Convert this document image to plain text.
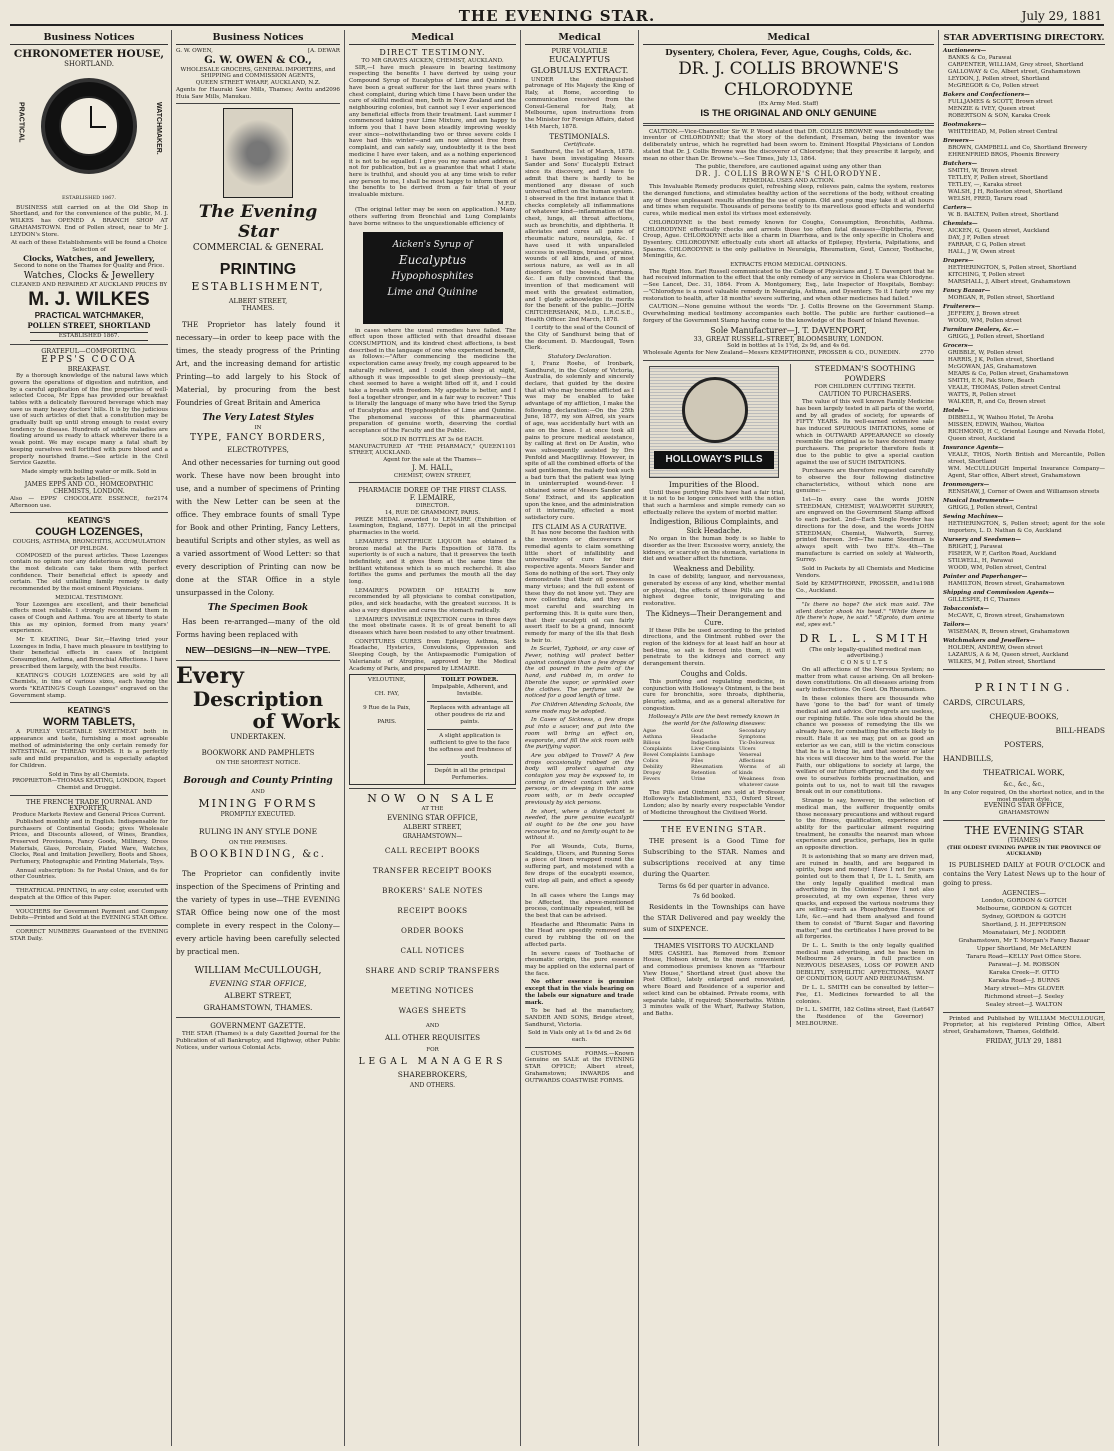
THE EVENING STAR.	July 29, 1881
Business Notices
CHRONOMETER HOUSE,
SHORTLAND.
PRACTICAL	WATCHMAKER.
ESTABLISHED 1867.
BUSINESS still carried on at the Old Shop in Shortland, and for the convenience of the public, M. J. WILKES has OPENED A BRANCH SHOP AT GRAHAMSTOWN. End of Pollen street, near to Mr J. LEYDON's Store.
At each of these Establishments will be found a Choice Selection of
Clocks, Watches, and Jewellery,
Second to none on the Thames for Quality and Price.
Watches, Clocks & Jewellery
CLEANED AND REPAIRED AT AUCKLAND PRICES BY
M. J. WILKES
PRACTICAL WATCHMAKER,
POLLEN STREET, SHORTLAND
ESTABLISHED 1867.
GRATEFUL—COMFORTING.
EPPS'S COCOA
BREAKFAST.
By a thorough knowledge of the natural laws which govern the operations of digestion and nutrition, and by a careful application of the fine properties of well-selected Cocoa, Mr Epps has provided our breakfast tables with a delicately flavoured beverage which may save us many heavy doctors' bills. It is by the judicious use of such articles of diet that a constitution may be gradually built up until strong enough to resist every tendency to disease. Hundreds of subtle maladies are floating around us ready to attack wherever there is a weak point. We may escape many a fatal shaft by keeping ourselves well fortified with pure blood and a properly nourished frame.—See article in the Civil Service Gazette.
Made simply with boiling water or milk. Sold in packets labelled—
JAMES EPPS AND CO., HOMŒOPATHIC CHEMISTS, LONDON.
Also — EPPS' CHOCOLATE ESSENCE, for Afternoon use.
2174
KEATING'S
COUGH LOZENGES,
COUGHS, ASTHMA, BRONCHITIS, ACCUMULATION OF PHLEGM.
COMPOSED of the purest articles. These Lozenges contain no opium nor any deleterious drug, therefore the most delicate can take them with perfect confidence. Their beneficial effect is speedy and certain. The old unfailing family remedy is daily recommended by the most eminent Physicians.
MEDICAL TESTIMONY.
Your Lozenges are excellent, and their beneficial effects most reliable. I strongly recommend them in cases of Cough and Asthma. You are at liberty to state this as my opinion, formed from many years' experience.
Mr T. KEATING, Dear Sir,—Having tried your Lozenges in India, I have much pleasure in testifying to their beneficial effects in cases of Incipient Consumption, Asthma, and Bronchial Affections. I have prescribed them largely, with the best results.
KEATING'S COUGH LOZENGES are sold by all Chemists, in tins of various sizes, each having the words "KEATING'S Cough Lozenges" engraved on the Government stamp.
KEATING'S
WORM TABLETS,
A PURELY VEGETABLE SWEETMEAT both in appearance and taste, furnishing a most agreeable method of administering the only certain remedy for INTESTINAL or THREAD WORMS. It is a perfectly safe and mild preparation, and is especially adapted for Children.
Sold in Tins by all Chemists.
PROPRIETOR—THOMAS KEATING, LONDON, Export Chemist and Druggist.
THE FRENCH TRADE JOURNAL AND EXPORTER,
Produce Markets Review and General Prices Current.
Published monthly and in English. Indispensable for purchasers of Continental Goods; gives Wholesale Prices, and Discounts allowed, of Wines, Brandies, Preserved Provisions, Fancy Goods, Millinery, Dress Materials, Glass, Porcelain, Plated Ware, Watches, Clocks, Real and Imitation Jewellery, Boots and Shoes, Perfumery, Photographic and Printing Materials, Toys.
Annual subscription: 5s for Postal Union, and 6s for other Countries.
THEATRICAL PRINTING, in any color, executed with despatch at the Office of this Paper.
VOUCHERS for Government Payment and Company Debits—Printed and Sold at the EVENING STAR Office.
CORRECT NUMBERS Guaranteed of the EVENING STAR Daily.
Business Notices
G. W. OWEN,	[A. DEWAR
G. W. OWEN & CO.,
WHOLESALE GROCERS, GENERAL IMPORTERS, and SHIPPING and COMMISSION AGENTS,
QUEEN STREET WHARF, AUCKLAND, N.Z.
Agents for Hauraki Saw Mills, Thames; Awitu and Huia Saw Mills, Manukau.
2096
The Evening Star
COMMERCIAL & GENERAL
PRINTING
ESTABLISHMENT,
ALBERT STREET,
THAMES.
THE Proprietor has lately found it necessary—in order to keep pace with the times, the steady progress of the Printing Art, and the increasing demand for artistic Printing—to add largely to his Stock of Material, by procuring from the best Foundries of Great Britain and America
The Very Latest Styles
IN
TYPE, FANCY BORDERS,
ELECTROTYPES,
And other necessaries for turning out good work. These have now been brought into use, and a number of specimens of Printing with the New Letter can be seen at the office. They embrace founts of small Type for Book and other Printing, Fancy Letters, beautiful Scripts and other styles, as well as a varied assortment of Wood Letter: so that every description of Printing can now be done at the STAR Office in a style unsurpassed in the Colony.
The Specimen Book
Has been re-arranged—many of the old Forms having been replaced with
NEW—DESIGNS—IN—NEW—TYPE.
Every
Description
of Work
UNDERTAKEN.
BOOKWORK AND PAMPHLETS
ON THE SHORTEST NOTICE.
Borough and County Printing
AND
MINING FORMS
PROMPTLY EXECUTED.
RULING IN ANY STYLE DONE
ON THE PREMISES.
BOOKBINDING, &c.
The Proprietor can confidently invite inspection of the Specimens of Printing and the variety of types in use—THE EVENING STAR Office being now one of the most complete in every respect in the Colony—every article having been carefully selected by practical men.
WILLIAM McCULLOUGH,
EVENING STAR OFFICE,
ALBERT STREET,
GRAHAMSTOWN, THAMES.
GOVERNMENT GAZETTE.
THE STAR (Thames) is a duly Gazetted Journal for the Publication of all Bankruptcy, and Highway, other Public Notices, under various Colonial Acts.
Medical
DIRECT TESTIMONY.
TO MR GRAVES AICKEN, CHEMIST, AUCKLAND.
SIR,—I have much pleasure in bearing testimony respecting the benefits I have derived by using your Compound Syrup of Eucalyptus of Lime and Quinine. I have been a great sufferer for the last three years with chest complaint, during which time I have been under the care of skilful medical men, both in New Zealand and the neighbouring colonies, but cannot say I ever experienced any beneficial effects from their treatment. Last summer I commenced taking your Lime Mixture, and am happy to inform you that I have been steadily improving weekly ever since—notwithstanding two or three severe colds I have had this winter—and am now almost free from complaint, and can safely say, undoubtedly it is the best medicine I have ever taken, and as a nothing experienced it is not to be equalled. I give you my name and address, not for publication, but as a guarantee that what I state here is truthful, and should you at any time wish to refer any person to me, I shall be most happy to inform them of the benefits to be derived from a fair trial of your invaluable mixture.
M.F.D.
(The original letter may be seen on application.) Many others suffering from Bronchial and Lung Complaints have borne witness to the unquestionable efficiency of
Aicken's Syrup of
Eucalyptus
Hypophosphites
Lime and Quinine
in cases where the usual remedies have failed. The effect upon those afflicted with that dreadful disease CONSUMPTION, and its kindred chest affections, is best described in the language of one who experienced benefit, as follows:—"After commencing the medicine the expectoration came away freely, my cough appeared to be naturally relieved, and I could then sleep at night, although it was impossible to get sleep previously—the chest seemed to have a weight lifted off it, and I could take a breath with freedom. My appetite is better, and I feel a together stronger, and in a fair way to recover." This is literally the language of many who have tried the Syrup of Eucalyptus and Hypophosphites of Lime and Quinine. The phenomenal success of this pharmaceutical preparation of genuine worth, deserving the cordial acceptance of the Faculty and the Public.
SOLD IN BOTTLES AT 3s 6d EACH.
MANUFACTURED AT "THE PHARMACY," QUEEN STREET, AUCKLAND.
1101
Agent for the sale at the Thames—
J. M. HALL,
CHEMIST, OWEN STREET,
PHARMACIE DOREE OF THE FIRST CLASS.
F. LEMAIRE,
DIRECTOR.
14, RUE DE GRAMMONT, PARIS.
PRIZE MEDAL awarded to LEMAIRE (Exhibition of Leamington, England, 1877). Depôt in all the principal pharmacies in the world.
LEMAIRE'S DENTIFRICE LIQUOR has obtained a bronze medal at the Paris Exposition of 1878. Its superiority is of such a nature, that it preserves the teeth indefinitely, and it gives them at the same time the brilliant whiteness which is so much recherché. It also fortifies the gums and perfumes the mouth all the day long.
LEMAIRE'S POWDER OF HEALTH is now recommended by all physicians to combat constipation, piles, and sick headache, with the greatest success. It is also a very digestive and cures the stomach radically.
LEMAIRE'S INVISIBLE INJECTION cures in three days the most obstinate cases. It is of great benefit to all diseases which have been resisted to any other treatment.
CONFITURES CURES from Epilepsy, Asthma, Sick Headache, Hysterics, Convulsions, Oppression and Sleeping Cough, by the Antispasmodic Fumigation of Valerianate of Atropine, approved by the Medical Academy of Paris, and prepared by LEMAIRE.
VELOUTINE,

CH. FAY,

9 Rue de la Paix,

PARIS.

TOILET POWDER.
Impalpable, Adherent, and Invisible.
Replaces with advantage all other poudres de riz and paints.
A slight application is sufficient to give to the face the softness and freshness of youth.
Depôt in all the principal Perfumeries.
NOW ON SALE
AT THE
EVENING STAR OFFICE,
ALBERT STREET,
GRAHAMSTOWN—
CALL RECEIPT BOOKS
TRANSFER RECEIPT BOOKS
BROKERS' SALE NOTES
RECEIPT BOOKS
ORDER BOOKS
CALL NOTICES
SHARE AND SCRIP TRANSFERS
MEETING NOTICES
WAGES SHEETS
AND
ALL OTHER REQUISITES
FOR
LEGAL MANAGERS
SHAREBROKERS,
AND OTHERS.
Medical
PURE VOLATILE
EUCALYPTUS GLOBULUS EXTRACT.
UNDER the distinguished patronage of His Majesty the King of Italy, at Rome, according to communication received from the Consul-General for Italy, at Melbourne, upon instructions from the Minister for Foreign Affairs, dated 14th March, 1878.
TESTIMONIALS.
Certificate.
Sandhurst, the 1st of March, 1878. I have been investigating Messrs Sander and Sons' Eucalypti Extract since its discovery, and I have to admit that there is hardly to be mentioned any disease of such universal effect on the human system. I observed in the first instance that it checks completely all inflammations of whatever kind—inflammation of the chest, lungs, all throat affections, such as bronchitis, and diphtheria. It alleviates and cures all pains of rheumatic nature, neuralgia, &c. I have used it with unparalleled success in swellings, bruises, sprains, wounds of all kinds, and of most serious nature, as well as in all disorders of the bowels, diarrhœa, &c. I am fully convinced that the invention of that medicament will meet with the greatest estimation, and I gladly acknowledge its merits for the benefit of the public.—JOHN CRITCHERSHANK, M.D., L.R.C.S.E., Health Officer. 2nd March, 1878.
I certify to the seal of the Council of the City of Sandhurst being that of the document. D. Macdougall, Town Clerk.
Statutory Declaration.
I, Franz Roehe, of Ironbark, Sandhurst, in the Colony of Victoria, Australia, do solemnly and sincerely declare, that guided by the desire that all who may become afflicted as I was may be enabled to take advantage of my affliction, I make the following declaration:—On the 25th June, 1877, my son Alfred, six years of age, was accidentally hurt with an axe on the knee. I at once took all pains to procure medical assistance, by calling at first on Dr Austin, who was subsequently assisted by Drs Penfold and Macgillivray. However, in spite of all the combined efforts of the said gentlemen, the malady took such a bad turn that the patient was lying in uninterrupted wound-fever. I obtained some of Messrs Sander and Sons' Extract, and its application upon the knee, and the administration of it internally, effected a most satisfactory cure.
ITS CLAIM AS A CURATIVE.
It has now become the fashion with the inventors or discoverers of remedial agents to claim something little short of infallibility and universality of cure for their respective agents. Messrs Sander and Sons do nothing of the sort. They only demonstrate that their oil possesses many virtues; and the full extent of these they do not know yet. They are now collecting data, and they are most careful and searching in performing this. It is quite sure then, that their eucalypti oil can fairly assert itself to be a grand, innocent remedy for many of the ills that flesh is heir to.
In Scarlet, Typhoid, or any case of Fever, nothing will protect better against contagion than a few drops of the oil poured in the palm of the hand, and rubbed in, in order to liberate the vapor, or sprinkled over the clothes. The perfume will be noticed for a good length of time.
For Children Attending Schools, the same mode may be adopted.
In Cases of Sickness, a few drops put into a saucer, and put into the room will bring an effect on, evaporate, and fill the sick room with the purifying vapor.
Are you obliged to Travel? A few drops occasionally rubbed on the body will protect against any contagion you may be exposed to, in coming in direct contact with sick persons, or in sleeping in the same room with, or in beds occupied previously by sick persons.
In short, where a disinfectant is needed, the pure genuine eucalypti oil ought to be the one you have recourse to, and no family ought to be without it.
For all Wounds, Cuts, Burns, Scaldings, Ulcers, and Running Sores a piece of linen wrapped round the suffering part, and moistened with a few drops of the eucalypti essence, will stop all pain, and effect a speedy cure.
In all cases where the Lungs may be Affected, the above-mentioned process, continually repeated, will be the best that can be advised.
Headache and Rheumatic Pains in the Head are speedily removed and cured by rubbing the oil on the affected parts.
In severe cases of Toothache of rheumatic origin, the pure essence may be applied on the external part of the face.
No other essence is genuine except that in the vials bearing on the labels our signature and trade mark.
To be had at the manufactory, SANDER AND SONS, Bridge street, Sandhurst, Victoria.
Sold in Vials only at 1s 6d and 2s 6d each.
CUSTOMS FORMS.—Known Genuine on SALE at the EVENING STAR OFFICE; Albert street, Grahamstown; INWARDS and OUTWARDS COASTWISE FORMS.
Medical
Dysentery, Cholera, Fever, Ague, Coughs, Colds, &c.
DR. J. COLLIS BROWNE'S CHLORODYNE
(Ex Army Med. Staff)
IS THE ORIGINAL AND ONLY GENUINE
CAUTION.—Vice-Chancellor Sir W. P. Wood stated that DR. COLLIS BROWNE was undoubtedly the inventor of CHLORODYNE; that the story of the defendant, Freeman, being the inventor was deliberately untrue, which he regretted had been sworn to. Eminent Hospital Physicians of London stated that Dr. J. Collis Browne was the discoverer of Chlorodyne; that they prescribe it largely, and mean no other than Dr. Browne's.—See Times, July 13, 1864.
The public, therefore, are cautioned against using any other than
DR. J. COLLIS BROWNE'S CHLORODYNE.
REMEDIAL USES AND ACTION.
This Invaluable Remedy produces quiet, refreshing sleep, relieves pain, calms the system, restores the deranged functions, and stimulates healthy action of the secretions of the body, without creating any of those unpleasant results attending the use of opium. Old and young may take it at all hours and times when requisite. Thousands of persons testify to its marvellous good effects and wonderful cures, while medical men extol its virtues most extensively.
CHLORODYNE is the best remedy known for Coughs, Consumption, Bronchitis, Asthma. CHLORODYNE effectually checks and arrests those too often fatal diseases—Diphtheria, Fever, Croup, Ague. CHLORODYNE acts like a charm in Diarrhœa, and is the only specific in Cholera and Dysentery. CHLORODYNE effectually cuts short all attacks of Epilepsy, Hysteria, Palpitations, and Spasms. CHLORODYNE is the only palliative in Neuralgia, Rheumatism, Gout, Cancer, Toothache, Meningitis, &c.
EXTRACTS FROM MEDICAL OPINIONS.
The Right Hon. Earl Russell communicated to the College of Physicians and J. T. Davenport that he had received information to the effect that the only remedy of any service in Cholera was Chlorodyne.—See Lancet, Dec. 31, 1864. From A. Montgomery, Esq., late Inspector of Hospitals, Bombay:—"Chlorodyne is a most valuable remedy in Neuralgia, Asthma, and Dysentery. To it I fairly owe my restoration to health, after 18 months' severe suffering, and when other medicines had failed."
CAUTION.—None genuine without the words "Dr. J. Collis Browne on the Government Stamp. Overwhelming medical testimony accompanies each bottle. The public are further cautioned—a forgery of the Government Stamp having come to the knowledge of the Board of Inland Revenue.
Sole Manufacturer—J. T. DAVENPORT,
33, GREAT RUSSELL-STREET, BLOOMSBURY, LONDON.
Sold in bottles at 1s 1½d, 2s 9d, and 4s 6d.
Wholesale Agents for New Zealand—Messrs KEMPTHORNE, PROSSER & CO., DUNEDIN.	2770
HOLLOWAY'S PILLS
Impurities of the Blood.
Until these purifying Pills have had a fair trial, it is not to be longer conceived with the notion that such a harmless and simple remedy can so effectually relieve the system of morbid matter.
Indigestion, Bilious Complaints, and Sick Headache.
No organ in the human body is so liable to disorder as the liver. Excessive worry, anxiety, the kidneys, or scarcely on the stomach, variations in diet and weather affect its functions.
Weakness and Debility.
In case of debility, languor, and nervousness, generated by excess of any kind, whether mental or physical, the effects of these Pills are to the highest degree tonic, invigorating and restorative.
The Kidneys—Their Derangement and Cure.
If these Pills be used according to the printed directions, and the Ointment rubbed over the region of the kidneys for at least half an hour at bed-time, so salt is forced into them, it will penetrate to the kidneys and correct any derangement therein.
Coughs and Colds.
This purifying and regulating medicine, in conjunction with Holloway's Ointment, is the best cure for bronchitis, sore throats, diphtheria, pleurisy, asthma, and as a general alterative for congestion.
Holloway's Pills are the best remedy known in the world for the following diseases:
Ague
Asthma
Bilious Complaints
Bowel Complaints
Colics
Debility
Dropsy
Fevers
Gout
Headache
Indigestion
Liver Complaints
Lumbago
Piles
Rheumatism
Retention of Urine
Secondary Symptoms
Tic-Doloureux
Ulcers
Venereal Affections
Worms of all kinds
Weakness from whatever cause
The Pills and Ointment are sold at Professor Holloway's Establishment, 533, Oxford Street, London; also by nearly every respectable Vendor of Medicine throughout the Civilised World.
THE EVENING STAR.
THE present is a Good Time for Subscribing to the STAR. Names and subscriptions received at any time during the Quarter.
Terms 6s 6d per quarter in advance.
7s 6d booked.
Residents in the Townships can have the STAR Delivered and pay weekly the sum of SIXPENCE.
THAMES VISITORS TO AUCKLAND
MRS CASHEL has Removed from Exmoor House, Hobson street, to the more convenient and commodious premises known as "Harbour View House," Shortland street (just above the Post Office), lately enlarged and renovated, where Board and Residence of a superior and select kind can be obtained. Private rooms, with separate table, if required; Showerbaths. Within 3 minutes walk of the Wharf, Railway Station, and Baths.
STEEDMAN'S SOOTHING POWDERS
FOR CHILDREN CUTTING TEETH.
CAUTION TO PURCHASERS.
The value of this well known Family Medicine has been largely tested in all parts of the world, and by all grades of society, for upwards of FIFTY YEARS. Its well-earned extensive sale has induced SPURIOUS IMITATIONS, some of which in OUTWARD APPEARANCE so closely resemble the original as to have deceived many purchasers. The proprietor therefore feels it due to the public to give a special caution against the use of SUCH IMITATIONS.
Purchasers are therefore requested carefully to observe the four following distinctive characteristics, without which none are genuine:—
1st—In every case the words JOHN STEEDMAN, CHEMIST, WALWORTH SURREY, are engraved on the Government Stamp affixed to each packet. 2nd—Each Single Powder has directions for the dose, and the words JOHN STEEDMAN, Chemist, Walworth, Surrey, printed thereon. 3rd—The name Steedman is always spelt with two EE's. 4th—The manufacture is carried on solely at Walworth, Surrey.
Sold in Packets by all Chemists and Medicine Vendors.
Sold by KEMPTHORNE, PROSSER, and Co., Auckland.
1u1988
"Is there no hope? the sick man said. The silent doctor shook his head." "While there is life there's hope, he said." "Ægroto, dum anima est, spes est."
DR L. L. SMITH
(The only legally-qualified medical man advertising.)
CONSULTS
On all affections of the Nervous System; no matter from what cause arising. On all broken-down constitutions. On all diseases arising from early indiscretions. On Gout. On Rheumatism.
In these colonies there are thousands who have 'gone to the bad' for want of timely medical aid and advice. Our regrets are useless, our repining futile. The sole idea should be the chance we possess of remedying the ills we already have, for combatting the effects likely to result. Hale it as we may, put on as good an exterior as we can, still is the victim conscious that he is a living lie, and that sooner or later his vices will discover him to the world. For the Faith, our obligations to society at large, the welfare of our future offspring, and the duty we owe to ourselves forbids procrastination, and points out to us, not to wait till the ravages break out in our constitutions.
Strange to say, however, in the selection of medical man, the sufferer frequently omits those necessary precautions and without regard to the fitness, qualification, experience and ability for the particular ailment requiring treatment, he consults the nearest man whose experience and practice, perhaps, lies in quite an opposite direction.
It is astonishing that so many are driven mad, are ruined in health, and are beggared in spirits, hope and money! Have I not for years pointed out to them that I, Dr L. L. Smith, am the only legally qualified medical man advertising in the Colonies? How I not also prosecuted, at my own expense, three very quacks, and exposed the various nostrums they are selling—such as Phosphodyne Essence of Life, &c.—and had them analysed and found them to consist of "Burnt Sugar and flavoring matter," and the certificates I have proved to be all forgeries.
Dr L. L. Smith is the only legally qualified medical man advertising, and he has been in Melbourne 24 years, in full practice on NERVOUS DISEASES, LOSS OF POWER AND DEBILITY, SYPHILITIC AFFECTIONS, WANT OF CONDITION, GOUT AND RHEUMATISM.
Dr L. L. SMITH can be consulted by letter—Fee, £1. Medicines forwarded to all the colonies.
Dr L. L. SMITH, 182 Collins street, East (Let the Residence of the Governor) MELBOURNE.
647
STAR ADVERTISING DIRECTORY.
Auctioneers—
BANKS & Co, Parawai
CARPENTER, WILLIAM, Grey street, Shortland
GALLOWAY & Co, Albert street, Grahamstown
LEYDON, J, Pollen street, Shortland
McGREGOR & Co, Pollen street
Bakers and Confectioners—
FULLJAMES & SCOTT, Brown street
MENZIE & IVEY, Queen street
ROBERTSON & SON, Karaka Creek
Bootmakers—
WHITEHEAD, M, Pollen street Central
Brewers—
BROWN, CAMPBELL and Co, Shortland Brewery
EHRENFRIED BROS, Phoenix Brewery
Butchers—
SMITH, W, Brown street
TETLEY, F, Pollen street, Shortland
TETLEY, —, Karaka street
WALSH, J H, Rolleston street, Shortland
WELSH, FRED, Tararu road
Carters—
W. B. BALTEN, Pollen street, Shortland
Chemists—
AICKEN, G, Queen street, Auckland
DAY, J F, Pollen street
FARRAR, C G, Pollen street
HALL, J W, Owen street
Drapers—
HETHERINGTON, S, Pollen street, Shortland
KITCHING, T, Pollen street
MARSHALL, J, Albert street, Grahamstown
Fancy Bazaar—
MORGAN, R, Pollen street, Shortland
Fruiterers—
JEFFERY, J, Brown street
WOOD, WM, Pollen street
Furniture Dealers, &c.—
GRIGG, J, Pollen street, Shortland
Grocers—
GRIBBLE, W, Pollen street
HARRIS, J K, Pollen street, Shortland
McGOWAN, JAS, Grahamstown
MEARS & Co, Pollen street, Grahamstown
SMITH, E N, Pak Store, Beach
VEALE, THOMAS, Pollen street Central
WATTS, R, Pollen street
WALKER, R, and Co, Brown street
Hotels—
DIBBELL, W, Waihou Hotel, Te Aroha
MISSEN, EDWIN, Waihou, Waitoa
RICHMOND, H C, Oriental Lounge and Nevada Hotel, Queen street, Auckland
Insurance Agents—
VEALE, THOS, North British and Mercantile, Pollen street, Shortland
WM. McCULLOUGH Imperial Insurance Company—Agent, Star office, Albert street, Grahamstown
Ironmongers—
RENSHAW, J, Corner of Owen and Williamson streets
Musical Instruments—
GRIGG, J, Pollen street, Central
Sewing Machines—
HETHERINGTON, S, Pollen street; agent for the sole importers, L. D. Nathan & Co, Auckland
Nursery and Seedsmen—
BRIGHT, J, Parawai
FISHER, W F, Carlton Road, Auckland
STILWELL, H, Parawai
WOOD, WM, Pollen street, Central
Painter and Paperhanger—
HAMILTON, Brown street, Grahamstown
Shipping and Commission Agents—
GILLESPIE, H C, Thames
Tobacconists—
McCAVE, C, Brown street, Grahamstown
Tailors—
WISEMAN, R, Brown street, Grahamstown
Watchmakers and Jewellers—
HOLDEN, ANDREW, Owen street
LAZARUS, A & M, Queen street, Auckland
WILKES, M J, Pollen street, Shortland
PRINTING.
CARDS, CIRCULARS,
CHEQUE-BOOKS,
BILL-HEADS
POSTERS,
HANDBILLS,
THEATRICAL WORK,
&c., &c., &c.,
In any Color required, On the shortest notice, and in the most modern style.
EVENING STAR OFFICE,
GRAHAMSTOWN
THE EVENING STAR
(THAMES)
(THE OLDEST EVENING PAPER IN THE PROVINCE OF AUCKLAND)
IS PUBLISHED DAILY at FOUR O'CLOCK and contains the Very Latest News up to the hour of going to press.
AGENCIES—
London, GORDON & GOTCH
Melbourne, GORDON & GOTCH
Sydney, GORDON & GOTCH
Shortland, J. H. JEFFERSON
Moanataiari, Mr J. NODDER
Grahamstown, Mr T. Morgan's Fancy Bazaar
Upper Shortland, Mr McLAREN
Tararu Road—KELLY Post Office Store.
Parawai—J. M. ROBSON
Karaka Creek—F. OTTO
Karaka Road—J. BURNS
Mary street—Mrs GLOVER
Richmond street—J. Seeley
Sealey street—J. WALTON
Printed and Published by WILLIAM McCULLOUGH, Proprietor, at his registered Printing Office, Albert street, Grahamstown, Thames, Goldfield.
FRIDAY, JULY 29, 1881
